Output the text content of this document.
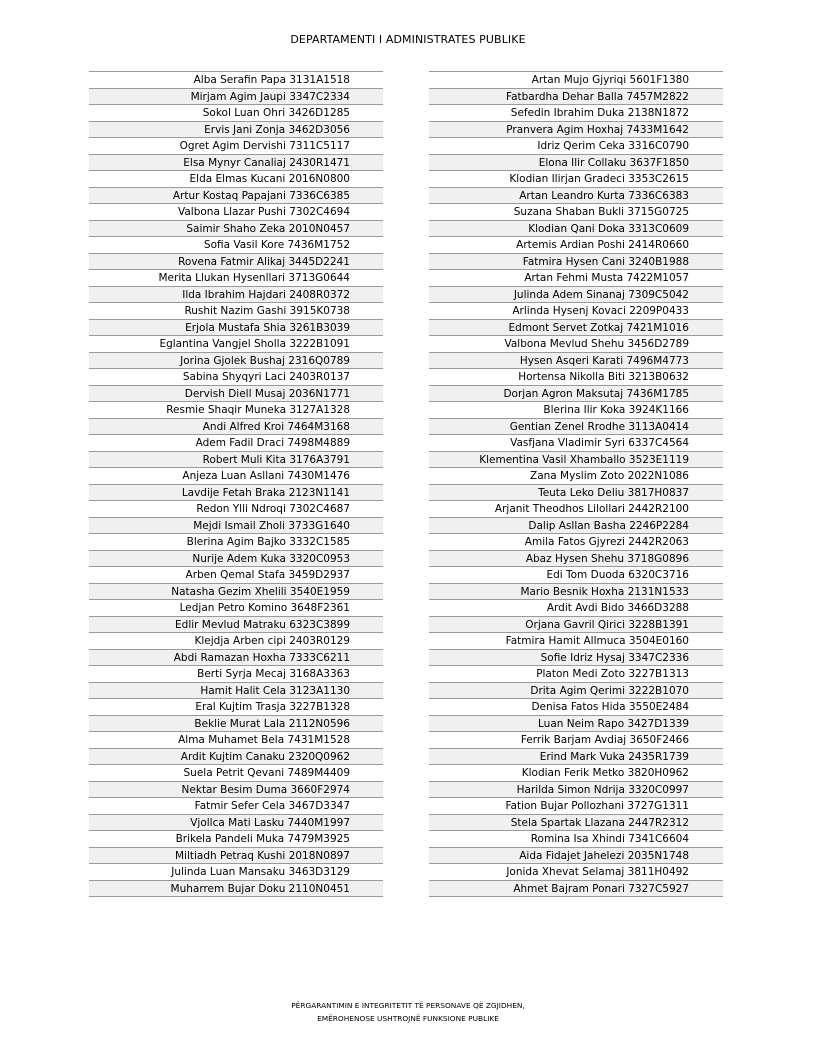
DEPARTAMENTI I ADMINISTRATES PUBLIKE
Alba Serafin Papa 3131A1518
Mirjam Agim Jaupi 3347C2334
Sokol Luan Ohri 3426D1285
Ervis Jani Zonja 3462D3056
Ogret Agim Dervishi 7311C5117
Elsa Mynyr Canaliaj 2430R1471
Elda Elmas Kucani 2016N0800
Artur Kostaq Papajani 7336C6385
Valbona Llazar Pushi 7302C4694
Saimir Shaho Zeka 2010N0457
Sofia Vasil Kore 7436M1752
Rovena Fatmir Alikaj 3445D2241
Merita Llukan Hysenllari 3713G0644
Ilda Ibrahim Hajdari 2408R0372
Rushit Nazim Gashi 3915K0738
Erjola Mustafa Shia 3261B3039
Eglantina Vangjel Sholla 3222B1091
Jorina Gjolek Bushaj 2316Q0789
Sabina Shyqyri Laci 2403R0137
Dervish Diell Musaj 2036N1771
Resmie Shaqir Muneka 3127A1328
Andi Alfred Kroi 7464M3168
Adem Fadil Draci 7498M4889
Robert Muli Kita 3176A3791
Anjeza Luan Asllani 7430M1476
Lavdije Fetah Braka 2123N1141
Redon Ylli Ndroqi 7302C4687
Mejdi Ismail Zholi 3733G1640
Blerina Agim Bajko 3332C1585
Nurije Adem Kuka 3320C0953
Arben Qemal Stafa 3459D2937
Natasha Gezim Xhelili 3540E1959
Ledjan Petro Komino 3648F2361
Edlir Mevlud Matraku 6323C3899
Klejdja Arben cipi 2403R0129
Abdi Ramazan Hoxha 7333C6211
Berti Syrja Mecaj 3168A3363
Hamit Halit Cela 3123A1130
Eral Kujtim Trasja 3227B1328
Beklie Murat Lala 2112N0596
Alma Muhamet Bela 7431M1528
Ardit Kujtim Canaku 2320Q0962
Suela Petrit Qevani 7489M4409
Nektar Besim Duma 3660F2974
Fatmir Sefer Cela 3467D3347
Vjollca Mati Lasku 7440M1997
Brikela Pandeli Muka 7479M3925
Miltiadh Petraq Kushi 2018N0897
Julinda Luan Mansaku 3463D3129
Muharrem Bujar Doku 2110N0451
Artan Mujo Gjyriqi 5601F1380
Fatbardha Dehar Balla 7457M2822
Sefedin Ibrahim Duka 2138N1872
Pranvera Agim Hoxhaj 7433M1642
Idriz Qerim Ceka 3316C0790
Elona Ilir Collaku 3637F1850
Klodian Ilirjan Gradeci 3353C2615
Artan Leandro Kurta 7336C6383
Suzana Shaban Bukli 3715G0725
Klodian Qani Doka 3313C0609
Artemis Ardian Poshi 2414R0660
Fatmira Hysen Cani 3240B1988
Artan Fehmi Musta 7422M1057
Julinda Adem Sinanaj 7309C5042
Arlinda Hysenj Kovaci 2209P0433
Edmont Servet Zotkaj 7421M1016
Valbona Mevlud Shehu 3456D2789
Hysen Asqeri Karati 7496M4773
Hortensa Nikolla Biti 3213B0632
Dorjan Agron Maksutaj 7436M1785
Blerina Ilir Koka 3924K1166
Gentian Zenel Rrodhe 3113A0414
Vasfjana Vladimir Syri 6337C4564
Klementina Vasil Xhamballo 3523E1119
Zana Myslim Zoto 2022N1086
Teuta Leko Deliu 3817H0837
Arjanit Theodhos Lilollari 2442R2100
Dalip Asllan Basha 2246P2284
Amila Fatos Gjyrezi 2442R2063
Abaz Hysen Shehu 3718G0896
Edi Tom Duoda 6320C3716
Mario Besnik Hoxha 2131N1533
Ardit Avdi Bido 3466D3288
Orjana Gavril Qirici 3228B1391
Fatmira Hamit Allmuca 3504E0160
Sofie Idriz Hysaj 3347C2336
Platon Medi Zoto 3227B1313
Drita Agim Qerimi 3222B1070
Denisa Fatos Hida 3550E2484
Luan Neim Rapo 3427D1339
Ferrik Barjam Avdiaj 3650F2466
Erind Mark Vuka 2435R1739
Klodian Ferik Metko 3820H0962
Harilda Simon Ndrija 3320C0997
Fation Bujar Pollozhani 3727G1311
Stela Spartak Llazana 2447R2312
Romina Isa Xhindi 7341C6604
Aida Fidajet Jahelezi 2035N1748
Jonida Xhevat Selamaj 3811H0492
Ahmet Bajram Ponari 7327C5927
PËRGARANTIMIN E INTEGRITETIT TË PERSONAVE QË ZGJIDHEN,
EMËROHENOSE USHTROJNË FUNKSIONE PUBLIKE
